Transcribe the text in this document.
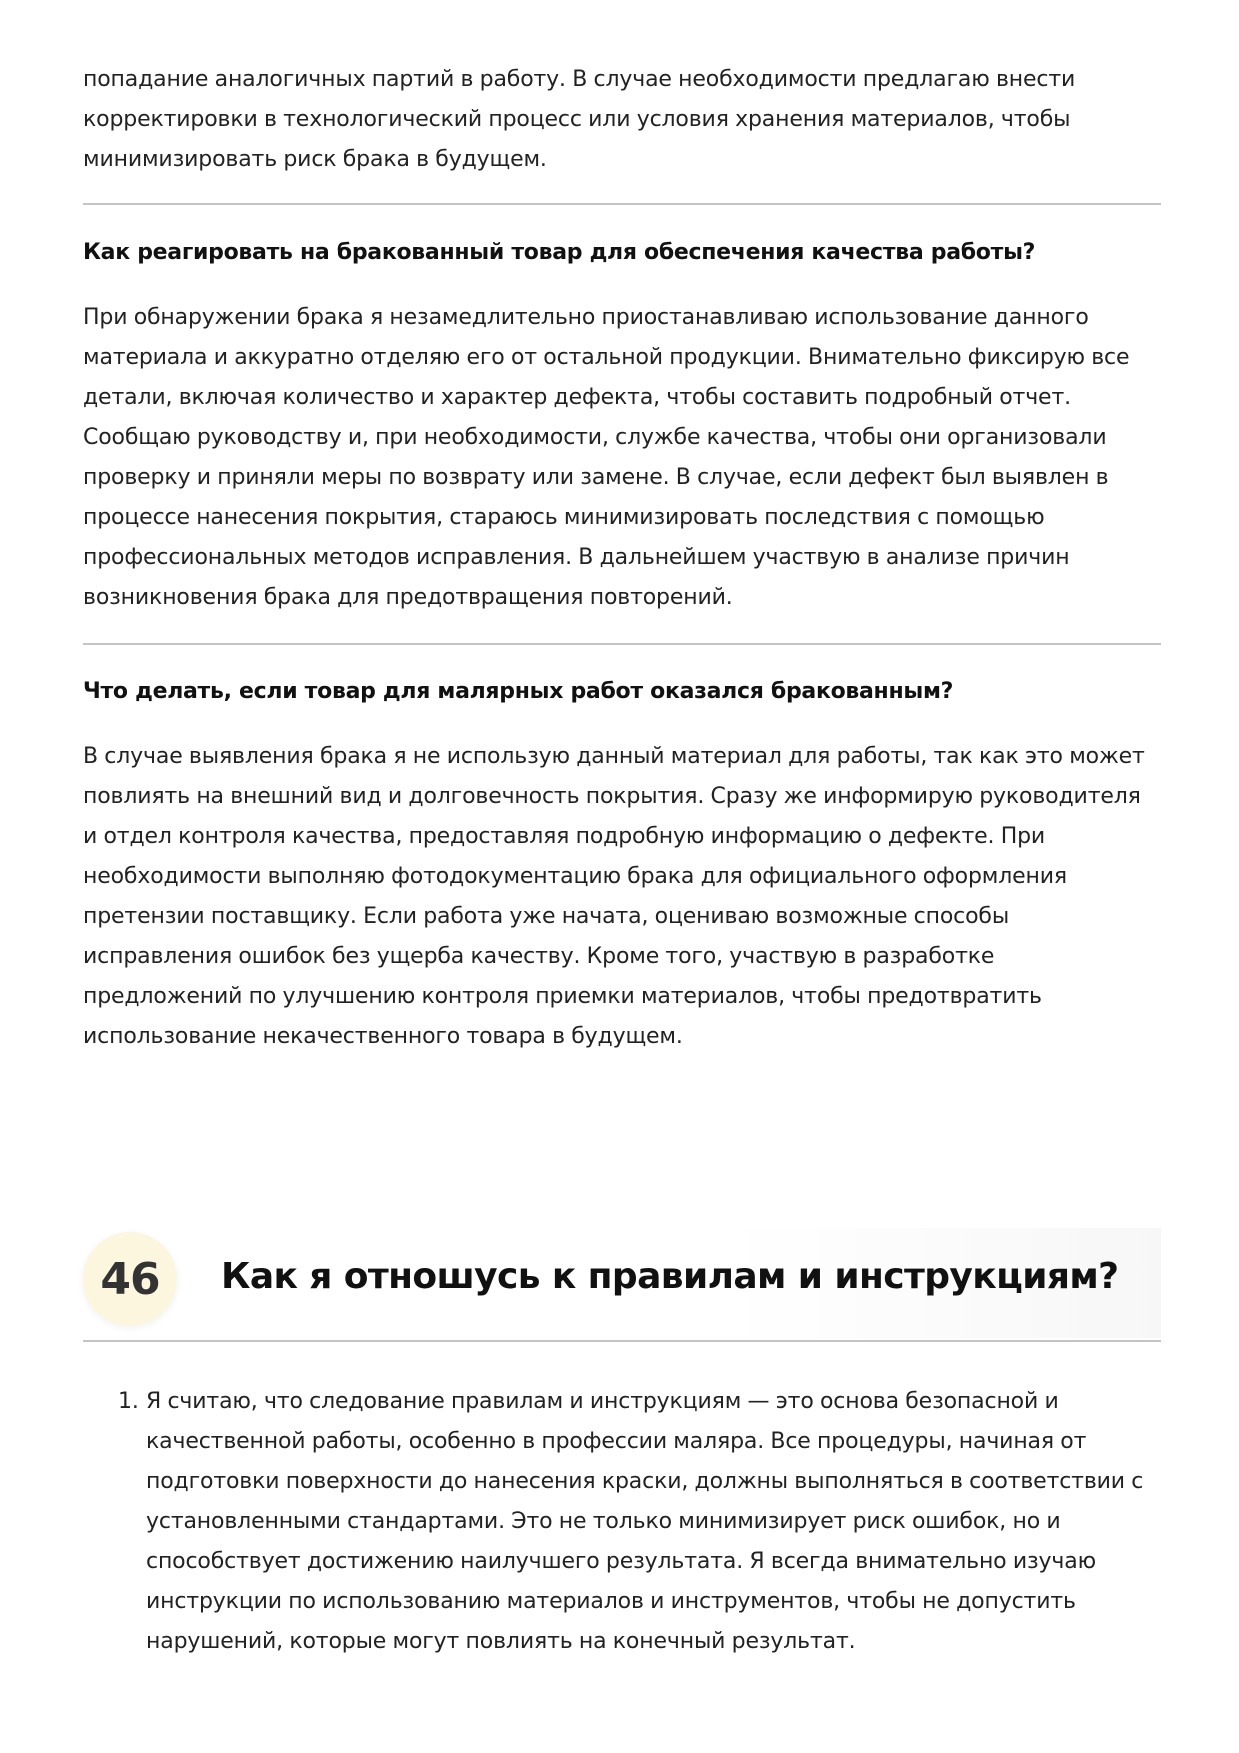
попадание аналогичных партий в работу. В случае необходимости предлагаю внести
корректировки в технологический процесс или условия хранения материалов, чтобы
минимизировать риск брака в будущем.
Как реагировать на бракованный товар для обеспечения качества работы?
При обнаружении брака я незамедлительно приостанавливаю использование данного
материала и аккуратно отделяю его от остальной продукции. Внимательно фиксирую все
детали, включая количество и характер дефекта, чтобы составить подробный отчет.
Сообщаю руководству и, при необходимости, службе качества, чтобы они организовали
проверку и приняли меры по возврату или замене. В случае, если дефект был выявлен в
процессе нанесения покрытия, стараюсь минимизировать последствия с помощью
профессиональных методов исправления. В дальнейшем участвую в анализе причин
возникновения брака для предотвращения повторений.
Что делать, если товар для малярных работ оказался бракованным?
В случае выявления брака я не использую данный материал для работы, так как это может
повлиять на внешний вид и долговечность покрытия. Сразу же информирую руководителя
и отдел контроля качества, предоставляя подробную информацию о дефекте. При
необходимости выполняю фотодокументацию брака для официального оформления
претензии поставщику. Если работа уже начата, оцениваю возможные способы
исправления ошибок без ущерба качеству. Кроме того, участвую в разработке
предложений по улучшению контроля приемки материалов, чтобы предотвратить
использование некачественного товара в будущем.
46	Как я отношусь к правилам и инструкциям?
1. Я считаю, что следование правилам и инструкциям — это основа безопасной и
качественной работы, особенно в профессии маляра. Все процедуры, начиная от
подготовки поверхности до нанесения краски, должны выполняться в соответствии с
установленными стандартами. Это не только минимизирует риск ошибок, но и
способствует достижению наилучшего результата. Я всегда внимательно изучаю
инструкции по использованию материалов и инструментов, чтобы не допустить
нарушений, которые могут повлиять на конечный результат.
